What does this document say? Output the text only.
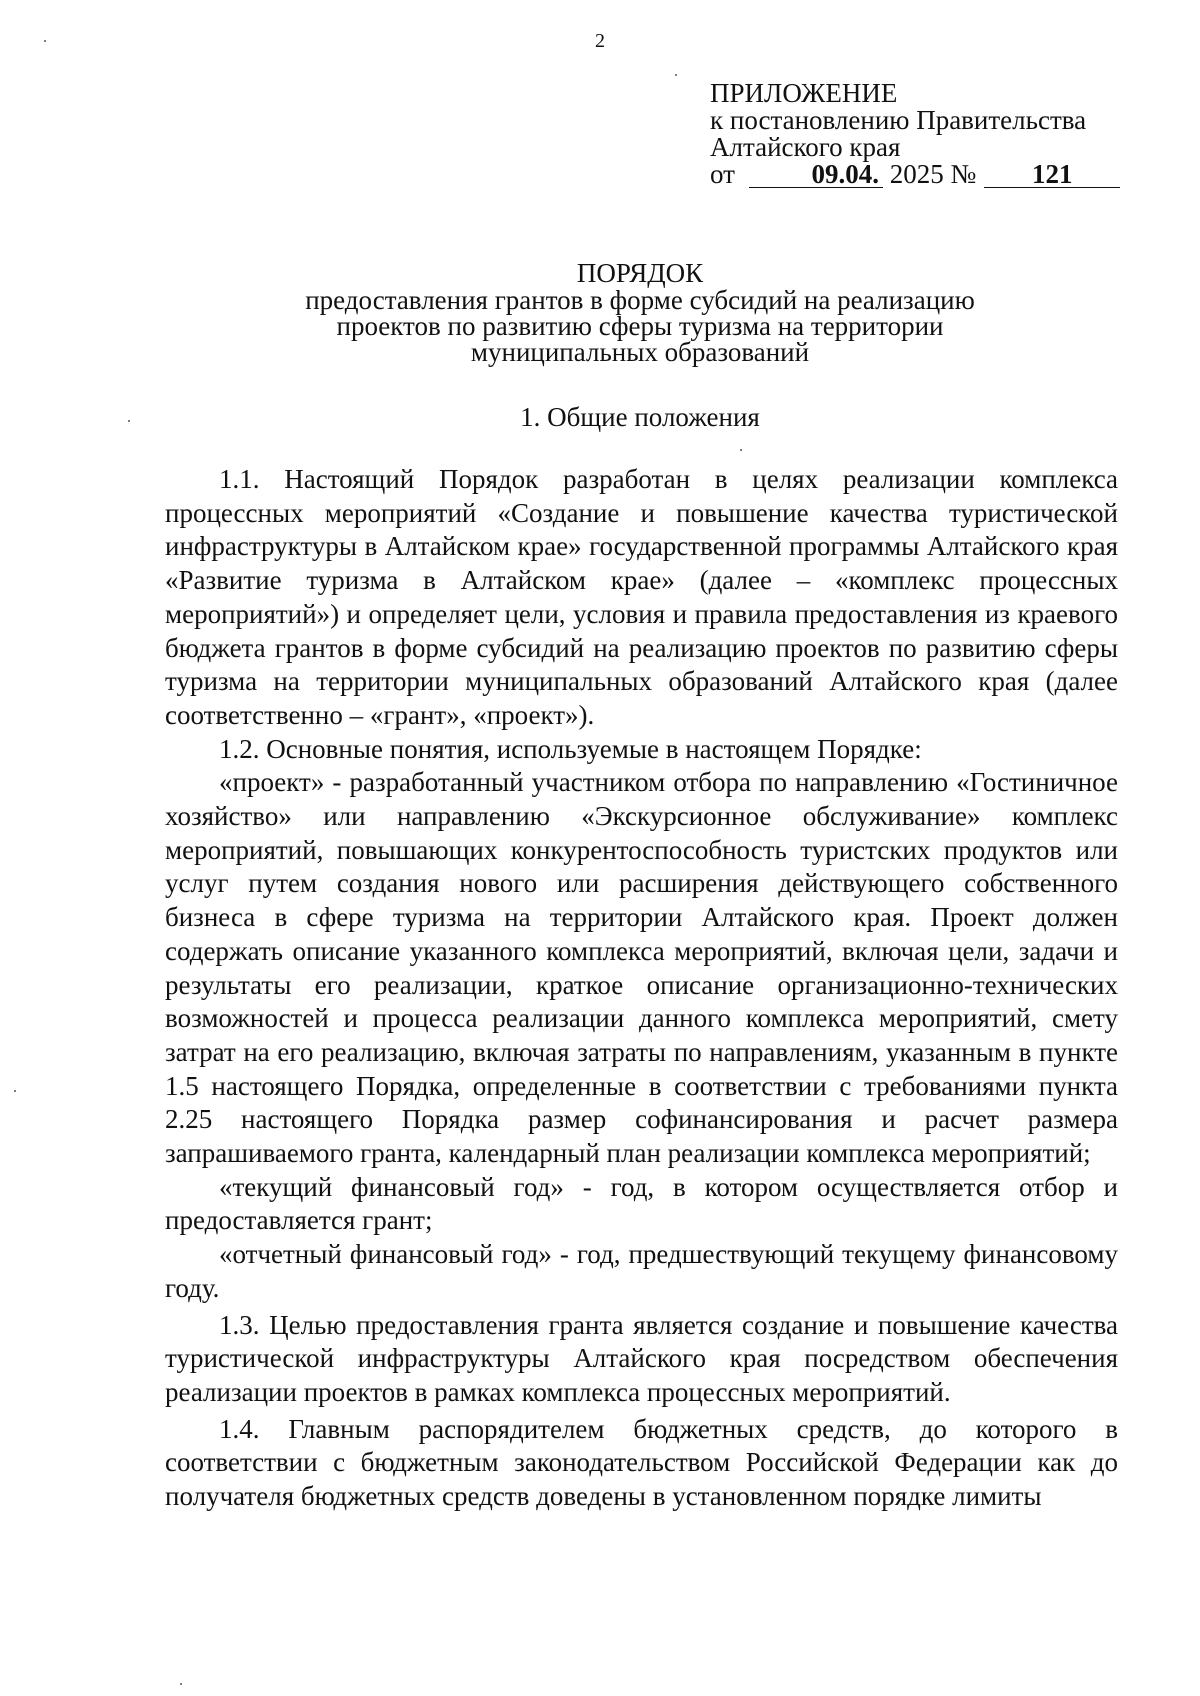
2
ПРИЛОЖЕНИЕ
к постановлению Правительства
Алтайского края
от	09.04. 2025 № 121
ПОРЯДОК
предоставления грантов в форме субсидий на реализацию
проектов по развитию сферы туризма на территории
муниципальных образований
1. Общие положения

1.1. Настоящий Порядок разработан в целях реализации комплекса процессных мероприятий «Создание и повышение качества туристической инфраструктуры в Алтайском крае» государственной программы Алтайского края «Развитие туризма в Алтайском крае» (далее – «комплекс процессных мероприятий») и определяет цели, условия и правила предоставления из краевого бюджета грантов в форме субсидий на реализацию проектов по развитию сферы туризма на территории муниципальных образований Алтайского края (далее соответственно – «грант», «проект»).

1.2. Основные понятия, используемые в настоящем Порядке:

«проект» - разработанный участником отбора по направлению «Гостиничное хозяйство» или направлению «Экскурсионное обслуживание» комплекс мероприятий, повышающих конкурентоспособность туристских продуктов или услуг путем создания нового или расширения действующего собственного бизнеса в сфере туризма на территории Алтайского края. Проект должен содержать описание указанного комплекса мероприятий, включая цели, задачи и результаты его реализации, краткое описание организационно-технических возможностей и процесса реализации данного комплекса мероприятий, смету затрат на его реализацию, включая затраты по направлениям, указанным в пункте 1.5 настоящего Порядка, определенные в соответствии с требованиями пункта 2.25 настоящего Порядка размер софинансирования и расчет размера запрашиваемого гранта, календарный план реализации комплекса мероприятий;

«текущий финансовый год» - год, в котором осуществляется отбор и предоставляется грант;

«отчетный финансовый год» - год, предшествующий текущему финансовому году.

1.3. Целью предоставления гранта является создание и повышение качества туристической инфраструктуры Алтайского края посредством обеспечения реализации проектов в рамках комплекса процессных мероприятий.

1.4. Главным распорядителем бюджетных средств, до которого в соответствии с бюджетным законодательством Российской Федерации как до получателя бюджетных средств доведены в установленном порядке лимиты
